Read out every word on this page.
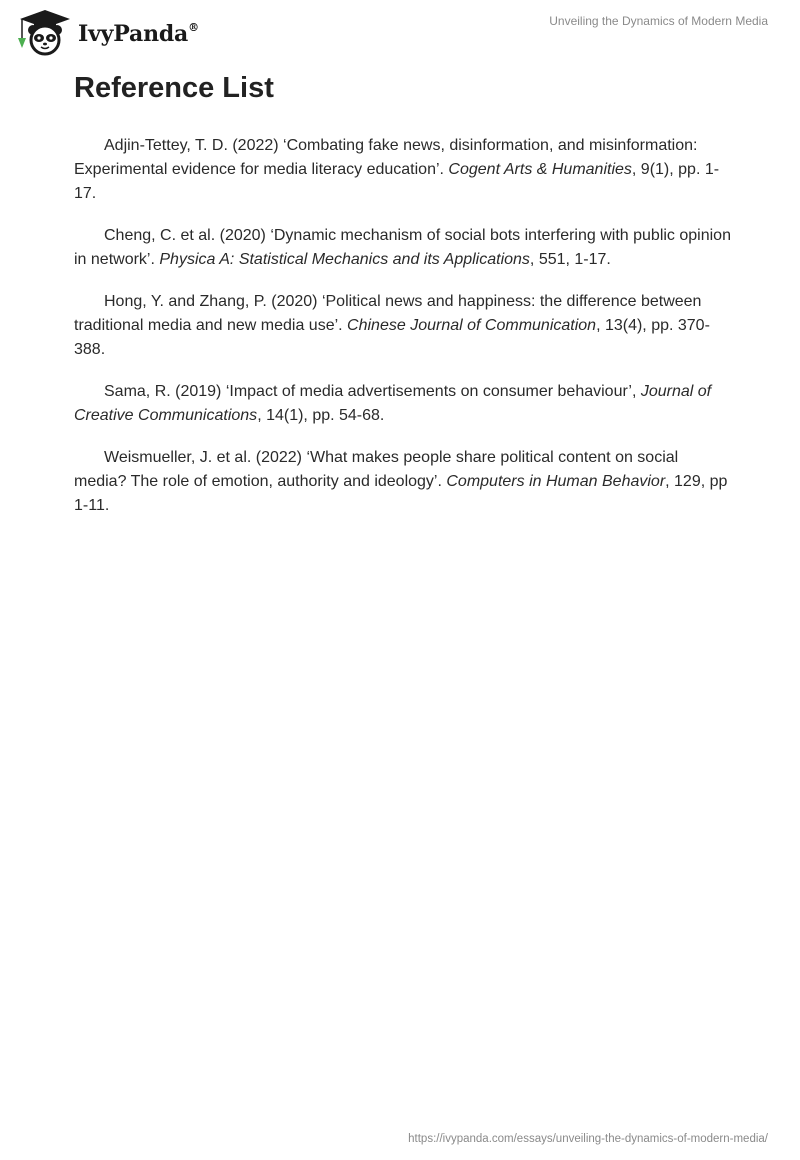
IvyPanda®	Unveiling the Dynamics of Modern Media
Reference List

Adjin-Tettey, T. D. (2022) ‘Combating fake news, disinformation, and misinformation: Experimental evidence for media literacy education’. Cogent Arts & Humanities, 9(1), pp. 1-17.

Cheng, C. et al. (2020) ‘Dynamic mechanism of social bots interfering with public opinion in network’. Physica A: Statistical Mechanics and its Applications, 551, 1-17.

Hong, Y. and Zhang, P. (2020) ‘Political news and happiness: the difference between traditional media and new media use’. Chinese Journal of Communication, 13(4), pp. 370-388.

Sama, R. (2019) ‘Impact of media advertisements on consumer behaviour’, Journal of Creative Communications, 14(1), pp. 54-68.

Weismueller, J. et al. (2022) ‘What makes people share political content on social media? The role of emotion, authority and ideology’. Computers in Human Behavior, 129, pp 1-11.

https://ivypanda.com/essays/unveiling-the-dynamics-of-modern-media/
